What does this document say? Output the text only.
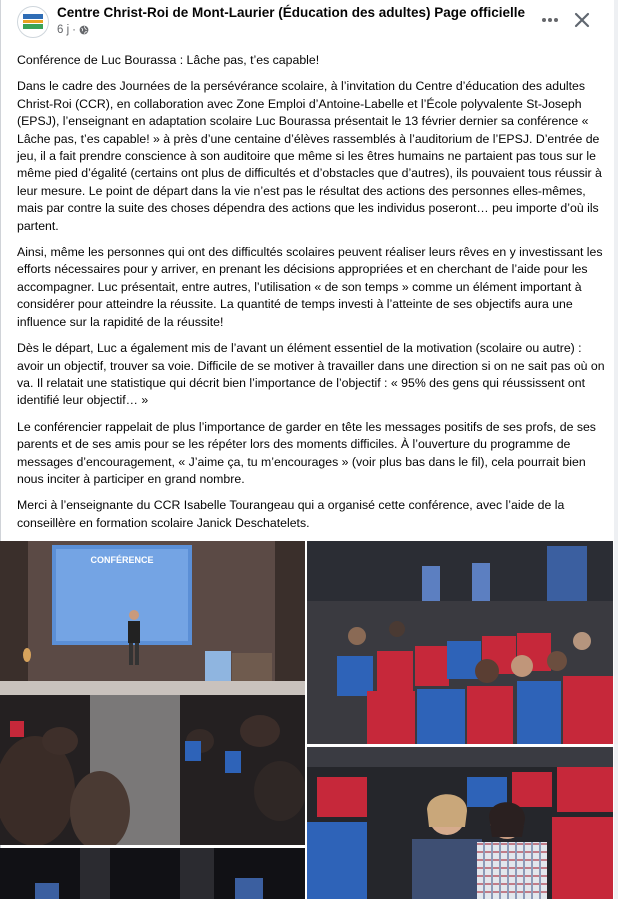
Centre Christ-Roi de Mont-Laurier (Éducation des adultes) Page officielle
6 j ·

Conférence de Luc Bourassa : Lâche pas, t’es capable!

Dans le cadre des Journées de la persévérance scolaire, à l’invitation du Centre d’éducation des adultes Christ-Roi (CCR), en collaboration avec Zone Emploi d’Antoine-Labelle et l’École polyvalente St-Joseph (EPSJ), l’enseignant en adaptation scolaire Luc Bourassa présentait le 13 février dernier sa conférence « Lâche pas, t’es capable! » à près d’une centaine d’élèves rassemblés à l’auditorium de l’EPSJ. D’entrée de jeu, il a fait prendre conscience à son auditoire que même si les êtres humains ne partaient pas tous sur le même pied d’égalité (certains ont plus de difficultés et d’obstacles que d’autres), ils pouvaient tous réussir à leur mesure. Le point de départ dans la vie n’est pas le résultat des actions des personnes elles-mêmes, mais par contre la suite des choses dépendra des actions que les individus poseront… peu importe d’où ils partent.

Ainsi, même les personnes qui ont des difficultés scolaires peuvent réaliser leurs rêves en y investissant les efforts nécessaires pour y arriver, en prenant les décisions appropriées et en cherchant de l’aide pour les accompagner. Luc présentait, entre autres, l’utilisation « de son temps » comme un élément important à considérer pour atteindre la réussite. La quantité de temps investi à l’atteinte de ses objectifs aura une influence sur la rapidité de la réussite!

Dès le départ, Luc a également mis de l’avant un élément essentiel de la motivation (scolaire ou autre) : avoir un objectif, trouver sa voie. Difficile de se motiver à travailler dans une direction si on ne sait pas où on va. Il relatait une statistique qui décrit bien l’importance de l’objectif : « 95% des gens qui réussissent ont identifié leur objectif… »

Le conférencier rappelait de plus l’importance de garder en tête les messages positifs de ses profs, de ses parents et de ses amis pour se les répéter lors des moments difficiles. À l’ouverture du programme de messages d’encouragement, « J’aime ça, tu m’encourages » (voir plus bas dans le fil), cela pourrait bien nous inciter à participer en grand nombre.

Merci à l’enseignante du CCR Isabelle Tourangeau qui a organisé cette conférence, avec l’aide de la conseillère en formation scolaire Janick Deschatelets.

CONFÉRENCE
